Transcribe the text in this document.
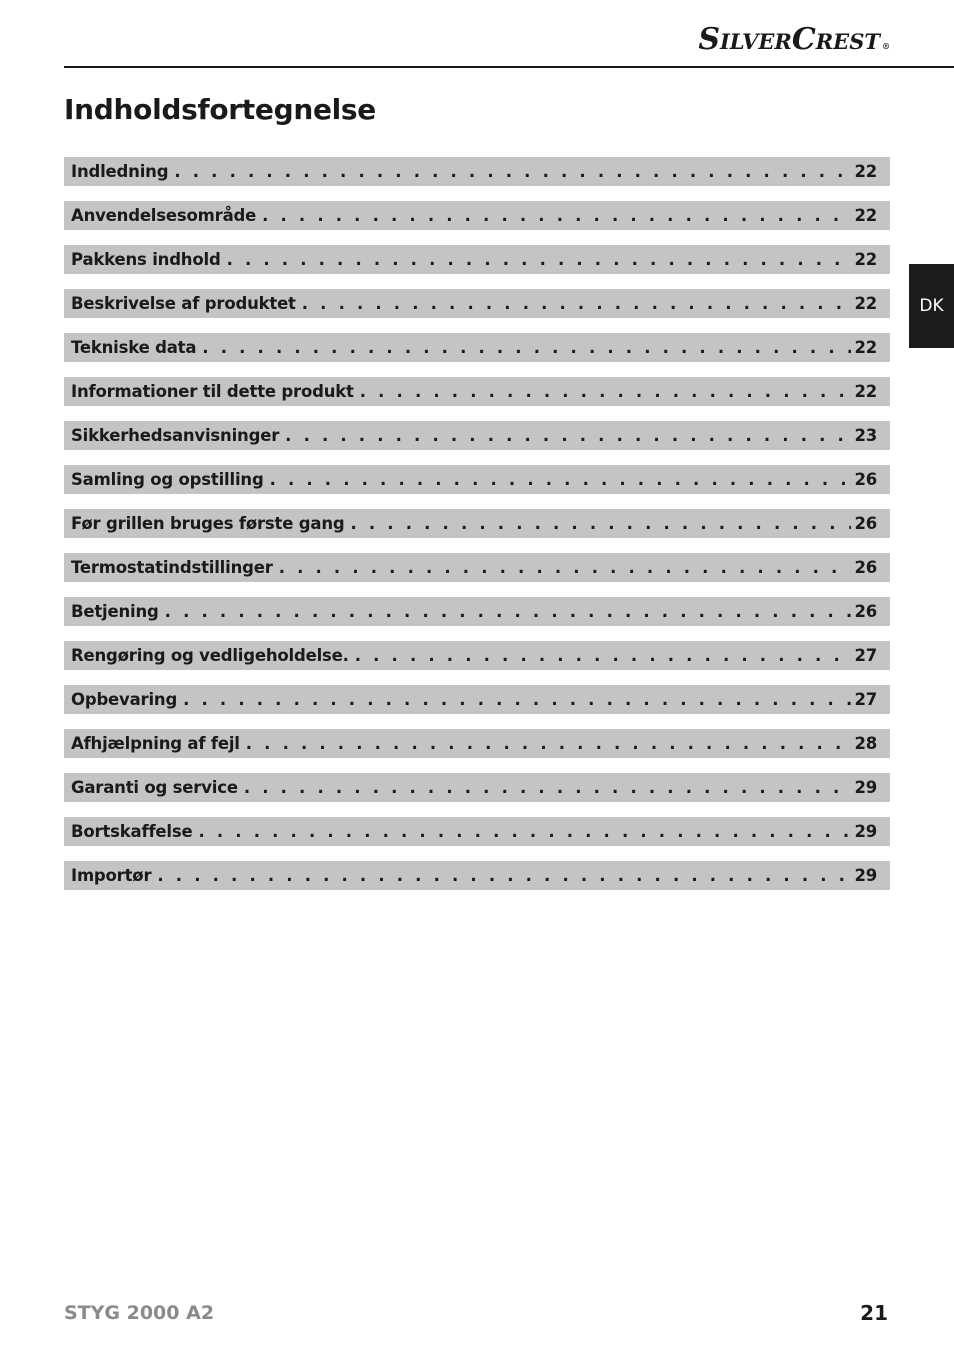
SILVERCREST ®
Indholdsfortegnelse
DK
Indledning . . .	22
Anvendelsesområde . . .	22
Pakkens indhold . . .	22
Beskrivelse af produktet . . .	22
Tekniske data . . .	22
Informationer til dette produkt . . .	22
Sikkerhedsanvisninger . . .	23
Samling og opstilling . . .	26
Før grillen bruges første gang . . .	26
Termostatindstillinger . . .	26
Betjening . . .	26
Rengøring og vedligeholdelse. . . .	27
Opbevaring . . .	27
Afhjælpning af fejl . . .	28
Garanti og service . . .	29
Bortskaffelse . . .	29
Importør . . .	29
STYG 2000 A2	21
